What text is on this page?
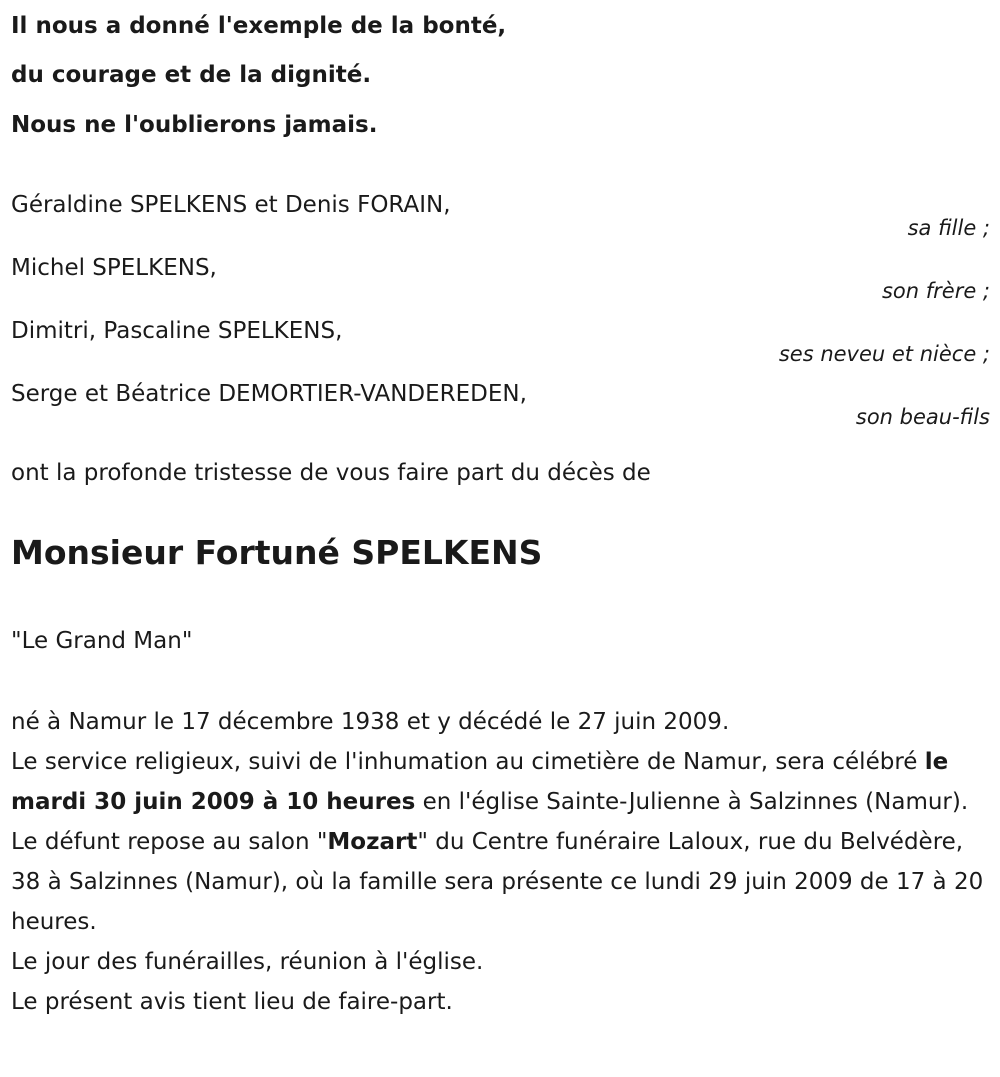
Il nous a donné l'exemple de la bonté,
du courage et de la dignité.
Nous ne l'oublierons jamais.
Géraldine SPELKENS et Denis FORAIN,
sa fille ;
Michel SPELKENS,
son frère ;
Dimitri, Pascaline SPELKENS,
ses neveu et nièce ;
Serge et Béatrice DEMORTIER-VANDEREDEN,
son beau-fils
ont la profonde tristesse de vous faire part du décès de
Monsieur Fortuné SPELKENS
"Le Grand Man"

né à Namur le 17 décembre 1938 et y décédé le 27 juin 2009.

Le service religieux, suivi de l'inhumation au cimetière de Namur, sera célébré le mardi 30 juin 2009 à 10 heures en l'église Sainte-Julienne à Salzinnes (Namur).

Le défunt repose au salon "Mozart" du Centre funéraire Laloux, rue du Belvédère, 38 à Salzinnes (Namur), où la famille sera présente ce lundi 29 juin 2009 de 17 à 20 heures.

Le jour des funérailles, réunion à l'église.

Le présent avis tient lieu de faire-part.
